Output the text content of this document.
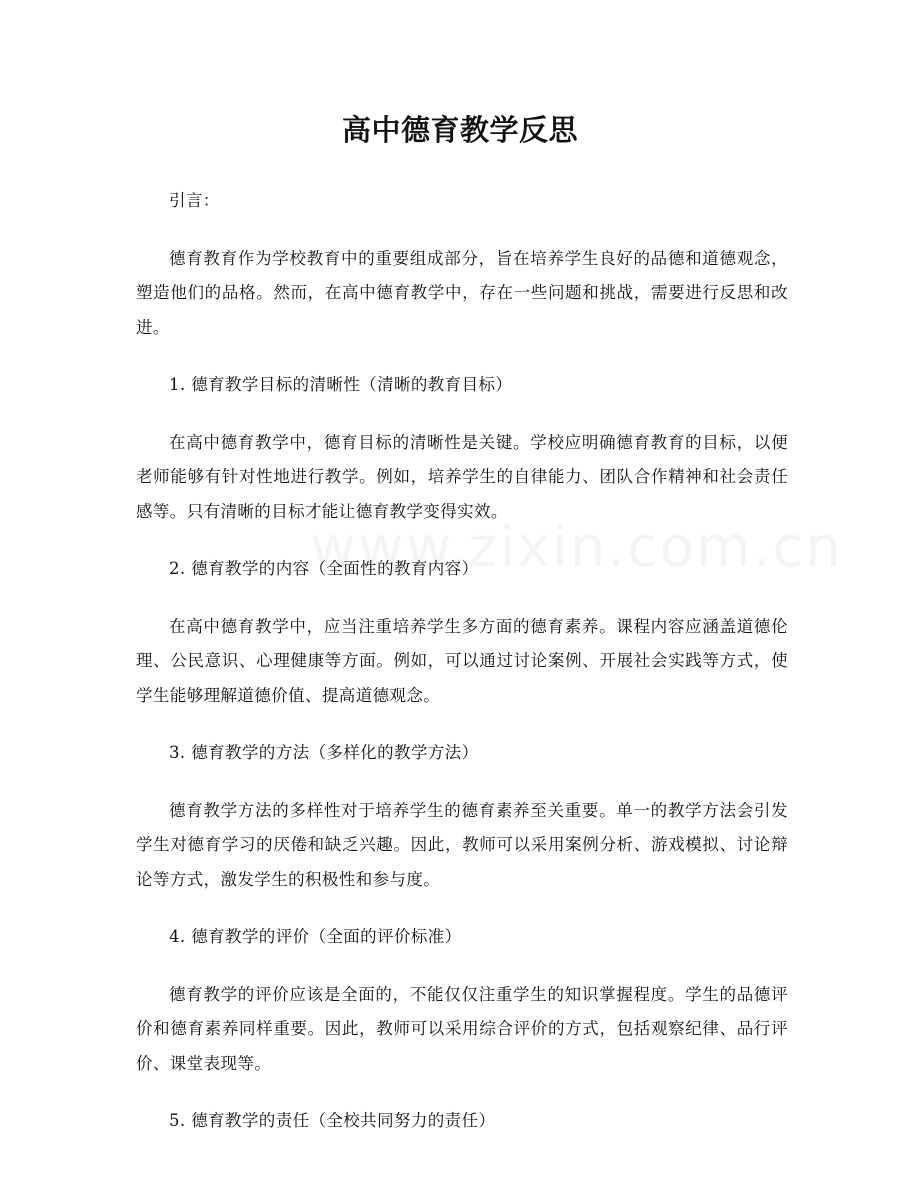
高中德育教学反思

引言：

德育教育作为学校教育中的重要组成部分，旨在培养学生良好的品德和道德观念，塑造他们的品格。然而，在高中德育教学中，存在一些问题和挑战，需要进行反思和改进。

1. 德育教学目标的清晰性（清晰的教育目标）

在高中德育教学中，德育目标的清晰性是关键。学校应明确德育教育的目标，以便老师能够有针对性地进行教学。例如，培养学生的自律能力、团队合作精神和社会责任感等。只有清晰的目标才能让德育教学变得实效。

2. 德育教学的内容（全面性的教育内容）

在高中德育教学中，应当注重培养学生多方面的德育素养。课程内容应涵盖道德伦理、公民意识、心理健康等方面。例如，可以通过讨论案例、开展社会实践等方式，使学生能够理解道德价值、提高道德观念。

3. 德育教学的方法（多样化的教学方法）

德育教学方法的多样性对于培养学生的德育素养至关重要。单一的教学方法会引发学生对德育学习的厌倦和缺乏兴趣。因此，教师可以采用案例分析、游戏模拟、讨论辩论等方式，激发学生的积极性和参与度。

4. 德育教学的评价（全面的评价标准）

德育教学的评价应该是全面的，不能仅仅注重学生的知识掌握程度。学生的品德评价和德育素养同样重要。因此，教师可以采用综合评价的方式，包括观察纪律、品行评价、课堂表现等。

5. 德育教学的责任（全校共同努力的责任）
